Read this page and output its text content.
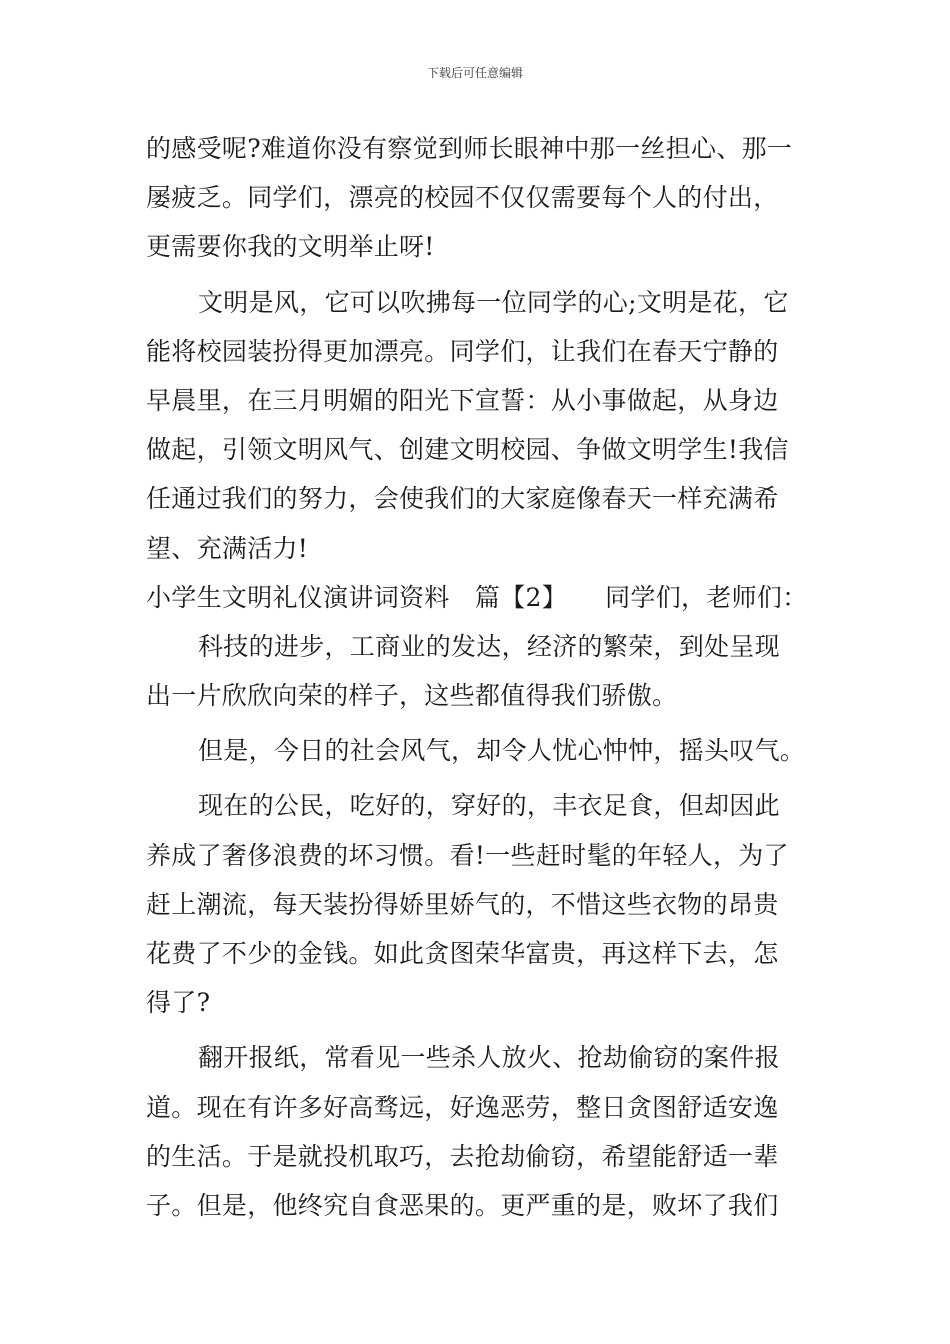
下载后可任意编辑
的感受呢?难道你没有察觉到师长眼神中那一丝担心、那一
屡疲乏。同学们，漂亮的校园不仅仅需要每个人的付出，
更需要你我的文明举止呀!
文明是风，它可以吹拂每一位同学的心;文明是花，它
能将校园装扮得更加漂亮。同学们，让我们在春天宁静的
早晨里，在三月明媚的阳光下宣誓：从小事做起，从身边
做起，引领文明风气、创建文明校园、争做文明学生!我信
任通过我们的努力，会使我们的大家庭像春天一样充满希
望、充满活力!
小学生文明礼仪演讲词资料　篇【2】　　同学们，老师们：
科技的进步，工商业的发达，经济的繁荣，到处呈现
出一片欣欣向荣的样子，这些都值得我们骄傲。
但是，今日的社会风气，却令人忧心忡忡，摇头叹气。
现在的公民，吃好的，穿好的，丰衣足食，但却因此
养成了奢侈浪费的坏习惯。看!一些赶时髦的年轻人，为了
赶上潮流，每天装扮得娇里娇气的，不惜这些衣物的昂贵
花费了不少的金钱。如此贪图荣华富贵，再这样下去，怎
得了?
翻开报纸，常看见一些杀人放火、抢劫偷窃的案件报
道。现在有许多好高骛远，好逸恶劳，整日贪图舒适安逸
的生活。于是就投机取巧，去抢劫偷窃，希望能舒适一辈
子。但是，他终究自食恶果的。更严重的是，败坏了我们
